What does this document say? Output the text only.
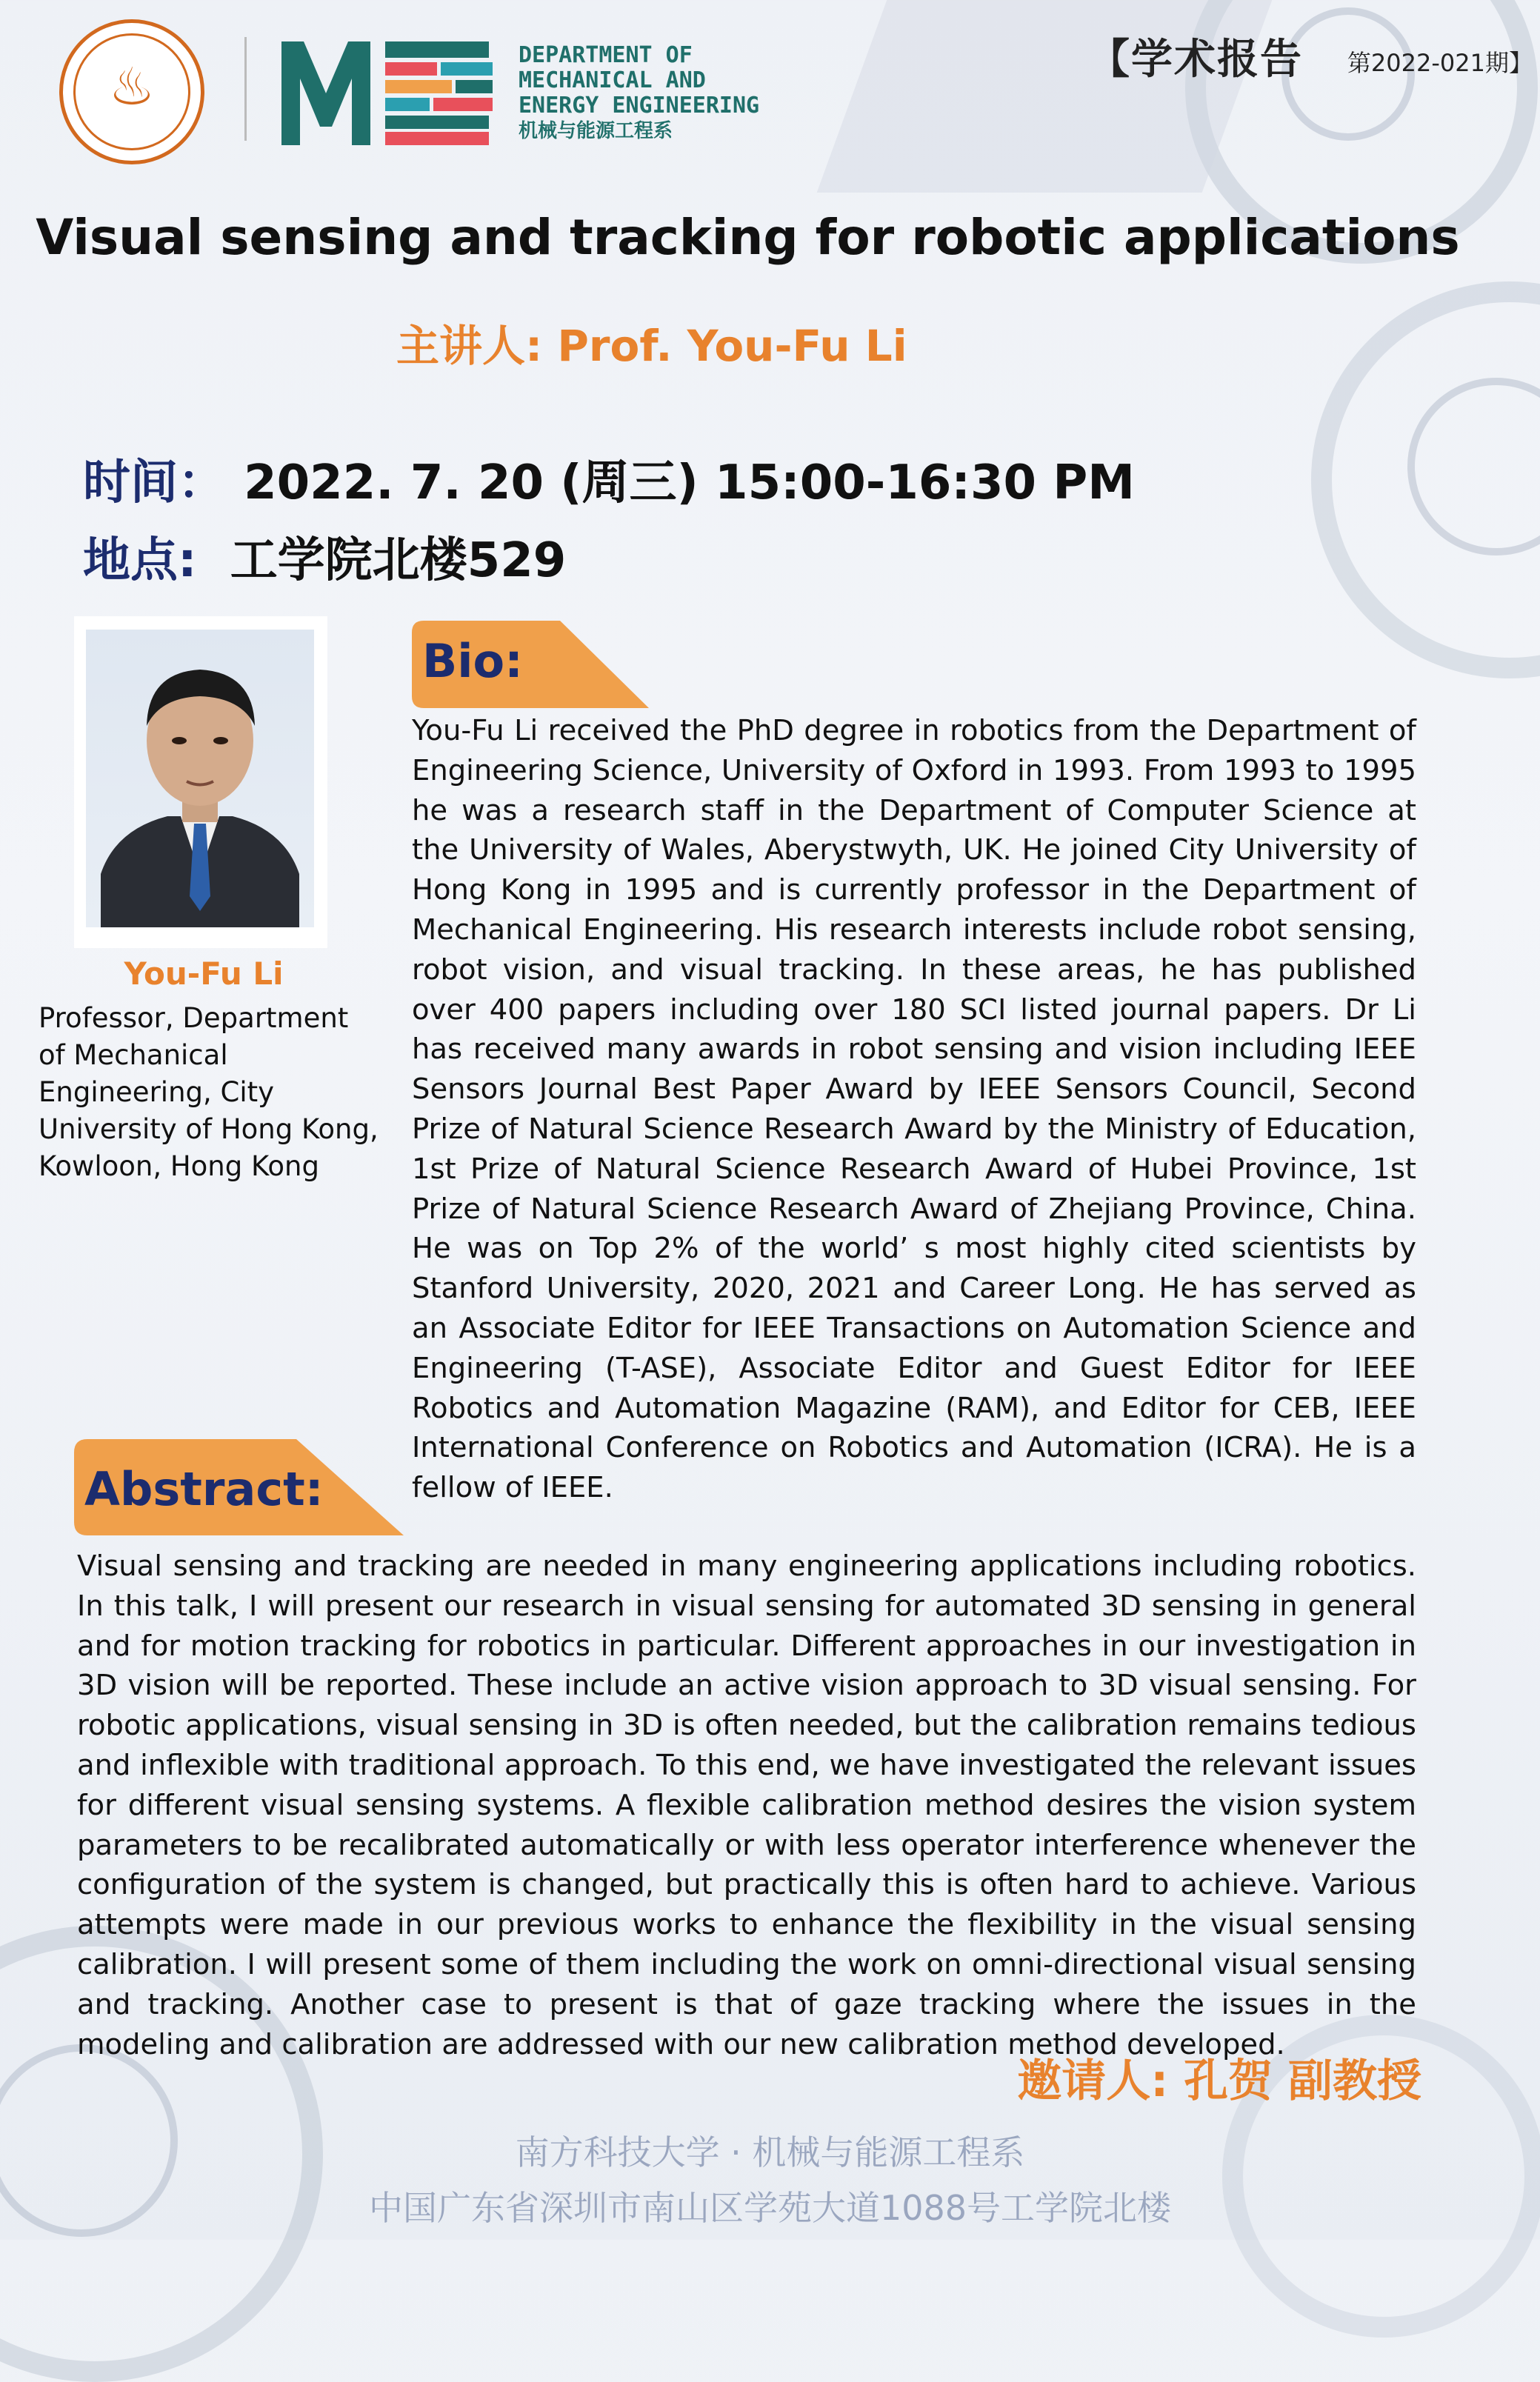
♨
DEPARTMENT OF
MECHANICAL AND
ENERGY ENGINEERING
机械与能源工程系
【学术报告 第2022-021期】
Visual sensing and tracking for robotic applications
主讲人: Prof. You-Fu Li
时间： 2022. 7. 20 (周三) 15:00-16:30 PM
地点: 工学院北楼529
You-Fu Li
Professor, Department of Mechanical Engineering, City University of Hong Kong, Kowloon, Hong Kong
Bio:
You-Fu Li received the PhD degree in robotics from the Department of Engineering Science, University of Oxford in 1993. From 1993 to 1995 he was a research staff in the Department of Computer Science at the University of Wales, Aberystwyth, UK. He joined City University of Hong Kong in 1995 and is currently professor in the Department of Mechanical Engineering. His research interests include robot sensing, robot vision, and visual tracking. In these areas, he has published over 400 papers including over 180 SCI listed journal papers. Dr Li has received many awards in robot sensing and vision including IEEE Sensors Journal Best Paper Award by IEEE Sensors Council, Second Prize of Natural Science Research Award by the Ministry of Education, 1st Prize of Natural Science Research Award of Hubei Province, 1st Prize of Natural Science Research Award of Zhejiang Province, China. He was on Top 2% of the world’ s most highly cited scientists by Stanford University, 2020, 2021 and Career Long. He has served as an Associate Editor for IEEE Transactions on Automation Science and Engineering (T-ASE), Associate Editor and Guest Editor for IEEE Robotics and Automation Magazine (RAM), and Editor for CEB, IEEE International Conference on Robotics and Automation (ICRA). He is a fellow of IEEE.
Abstract:
Visual sensing and tracking are needed in many engineering applications including robotics. In this talk, I will present our research in visual sensing for automated 3D sensing in general and for motion tracking for robotics in particular. Different approaches in our investigation in 3D vision will be reported. These include an active vision approach to 3D visual sensing. For robotic applications, visual sensing in 3D is often needed, but the calibration remains tedious and inflexible with traditional approach. To this end, we have investigated the relevant issues for different visual sensing systems. A flexible calibration method desires the vision system parameters to be recalibrated automatically or with less operator interference whenever the configuration of the system is changed, but practically this is often hard to achieve. Various attempts were made in our previous works to enhance the flexibility in the visual sensing calibration. I will present some of them including the work on omni-directional visual sensing and tracking. Another case to present is that of gaze tracking where the issues in the modeling and calibration are addressed with our new calibration method developed.
邀请人: 孔贺 副教授
南方科技大学 · 机械与能源工程系
中国广东省深圳市南山区学苑大道1088号工学院北楼
